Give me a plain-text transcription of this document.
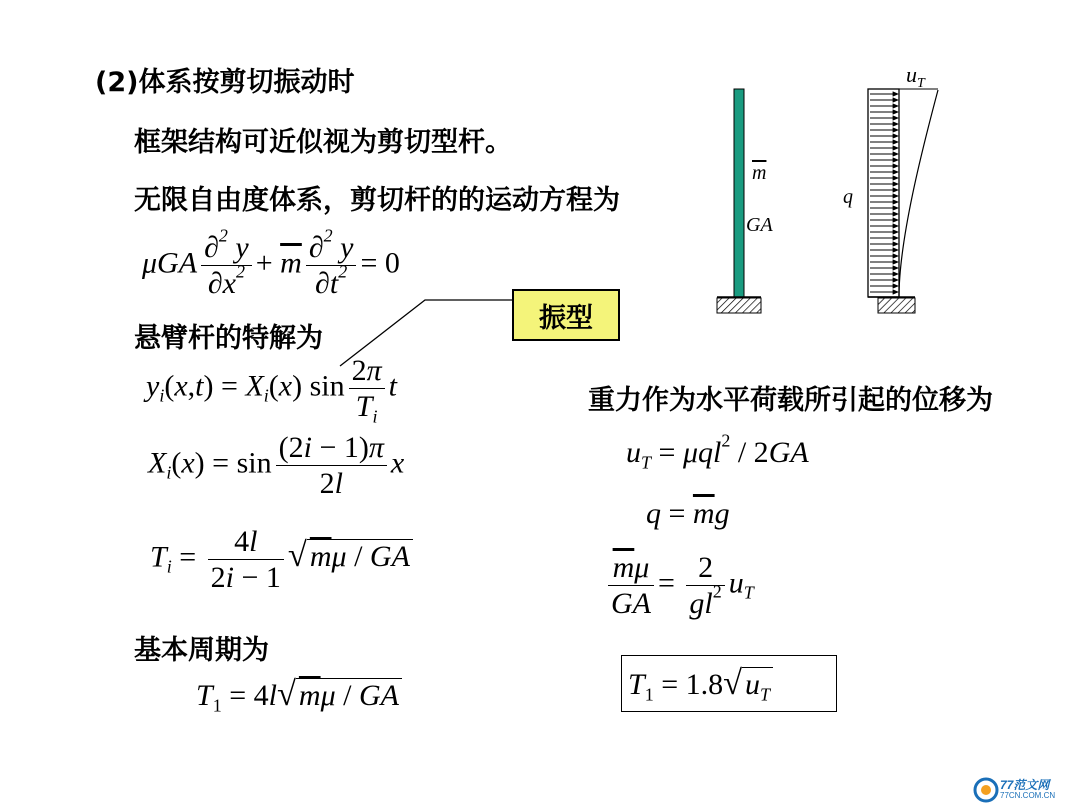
(2)体系按剪切振动时
框架结构可近似视为剪切型杆。
无限自由度体系，剪切杆的的运动方程为
悬臂杆的特解为
基本周期为
重力作为水平荷载所引起的位移为
振型
μGA $\frac{\partial^2 y}{\partial x^2} + \overline{m} \frac{\partial^2 y}{\partial t^2} = 0$
$y_i(x,t) = X_i(x)$ $\sin \frac{2\pi}{T_i}$ t
$X_i(x) = \sin \frac{(2i - 1)\pi}{2l}$ x
$T_i = \frac{4l}{2i - 1}$ √ mμ / GA
$T_1 = 4l√$ mμ / GA
$u_T = \mu ql^2 / 2GA$
$q = \overline{m}g$
$\frac{\overline{m}\mu}{GA} = \frac{2}{gl^2} u_T$
$T_1 = 1.8√$ $u_T$
$\overline{m}$
GA
q
$u_T$
77范文网
77CN.COM.CN
